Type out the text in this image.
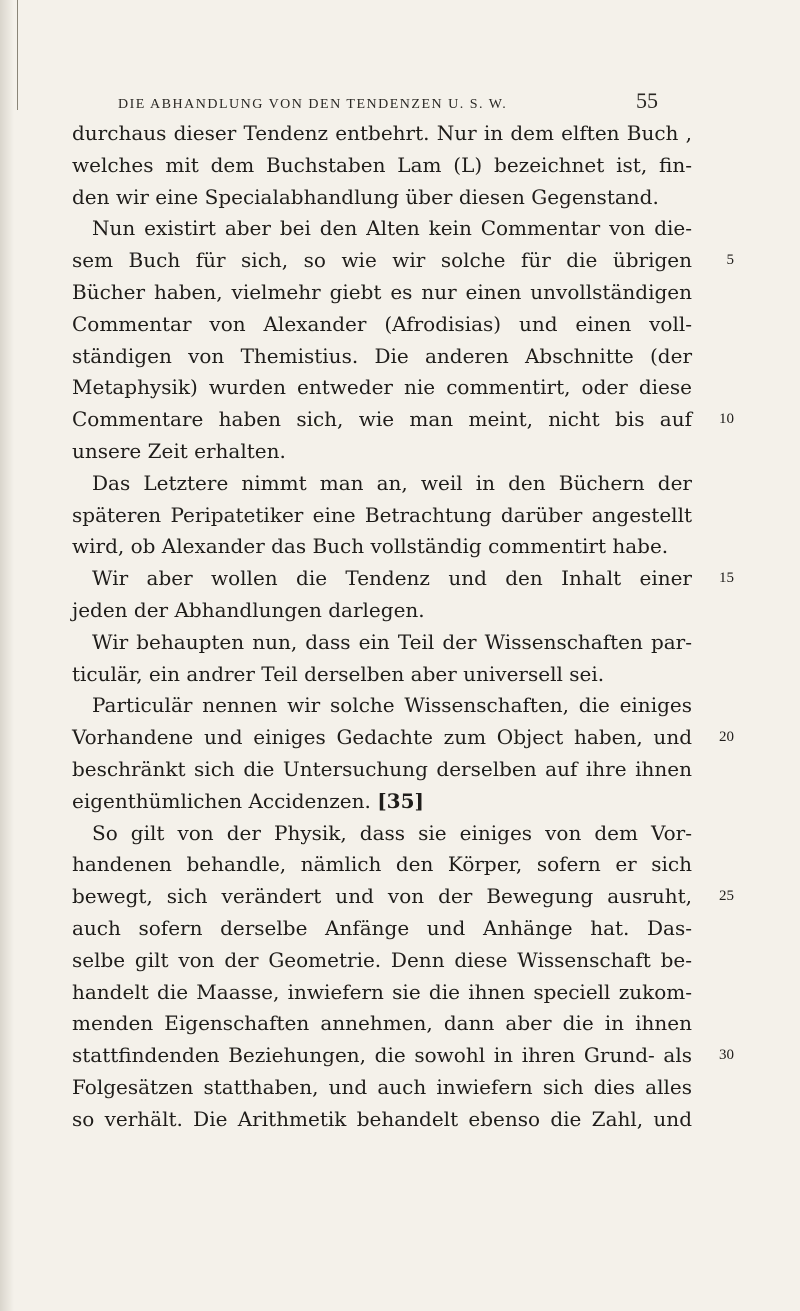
DIE ABHANDLUNG VON DEN TENDENZEN U. S. W.	55
durchaus dieser Tendenz entbehrt. Nur in dem elften Buch ,
welches mit dem Buchstaben Lam (L) bezeichnet ist, fin-
den wir eine Specialabhandlung über diesen Gegenstand.
Nun existirt aber bei den Alten kein Commentar von die-
sem Buch für sich, so wie wir solche für die übrigen 5
Bücher haben, vielmehr giebt es nur einen unvollständigen
Commentar von Alexander (Afrodisias) und einen voll-
ständigen von Themistius. Die anderen Abschnitte (der
Metaphysik) wurden entweder nie commentirt, oder diese
Commentare haben sich, wie man meint, nicht bis auf 10
unsere Zeit erhalten.
Das Letztere nimmt man an, weil in den Büchern der
späteren Peripatetiker eine Betrachtung darüber angestellt
wird, ob Alexander das Buch vollständig commentirt habe.
Wir aber wollen die Tendenz und den Inhalt einer 15
jeden der Abhandlungen darlegen.
Wir behaupten nun, dass ein Teil der Wissenschaften par-
ticulär, ein andrer Teil derselben aber universell sei.
Particulär nennen wir solche Wissenschaften, die einiges
Vorhandene und einiges Gedachte zum Object haben, und 20
beschränkt sich die Untersuchung derselben auf ihre ihnen
eigenthümlichen Accidenzen. [35]
So gilt von der Physik, dass sie einiges von dem Vor-
handenen behandle, nämlich den Körper, sofern er sich
bewegt, sich verändert und von der Bewegung ausruht, 25
auch sofern derselbe Anfänge und Anhänge hat. Das-
selbe gilt von der Geometrie. Denn diese Wissenschaft be-
handelt die Maasse, inwiefern sie die ihnen speciell zukom-
menden Eigenschaften annehmen, dann aber die in ihnen
stattfindenden Beziehungen, die sowohl in ihren Grund- als 30
Folgesätzen statthaben, und auch inwiefern sich dies alles
so verhält. Die Arithmetik behandelt ebenso die Zahl, und
